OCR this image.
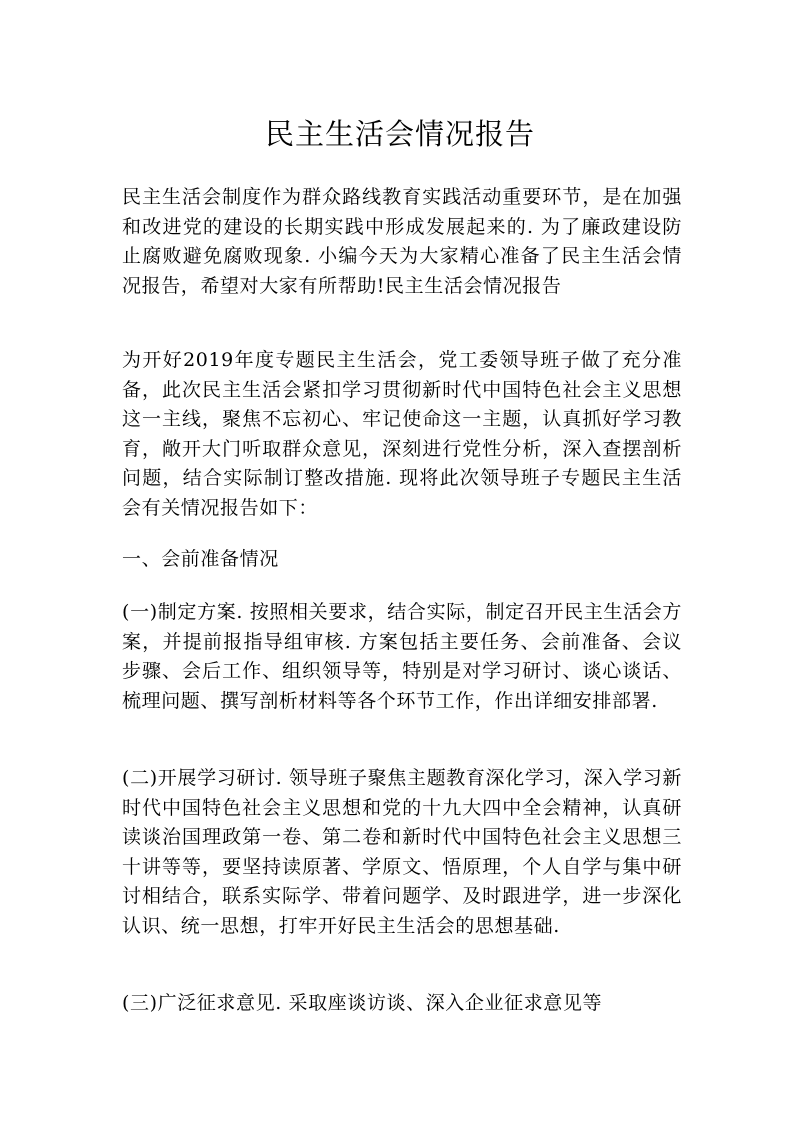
民主生活会情况报告

民主生活会制度作为群众路线教育实践活动重要环节，是在加强和改进党的建设的长期实践中形成发展起来的. 为了廉政建设防止腐败避免腐败现象. 小编今天为大家精心准备了民主生活会情况报告，希望对大家有所帮助!民主生活会情况报告

为开好2019年度专题民主生活会，党工委领导班子做了充分准备，此次民主生活会紧扣学习贯彻新时代中国特色社会主义思想这一主线，聚焦不忘初心、牢记使命这一主题，认真抓好学习教育，敞开大门听取群众意见，深刻进行党性分析，深入查摆剖析问题，结合实际制订整改措施. 现将此次领导班子专题民主生活会有关情况报告如下：

一、会前准备情况

(一)制定方案. 按照相关要求，结合实际，制定召开民主生活会方案，并提前报指导组审核. 方案包括主要任务、会前准备、会议步骤、会后工作、组织领导等，特别是对学习研讨、谈心谈话、梳理问题、撰写剖析材料等各个环节工作，作出详细安排部署.

(二)开展学习研讨. 领导班子聚焦主题教育深化学习，深入学习新时代中国特色社会主义思想和党的十九大四中全会精神，认真研读谈治国理政第一卷、第二卷和新时代中国特色社会主义思想三十讲等等，要坚持读原著、学原文、悟原理，个人自学与集中研讨相结合，联系实际学、带着问题学、及时跟进学，进一步深化认识、统一思想，打牢开好民主生活会的思想基础.

(三)广泛征求意见. 采取座谈访谈、深入企业征求意见等
